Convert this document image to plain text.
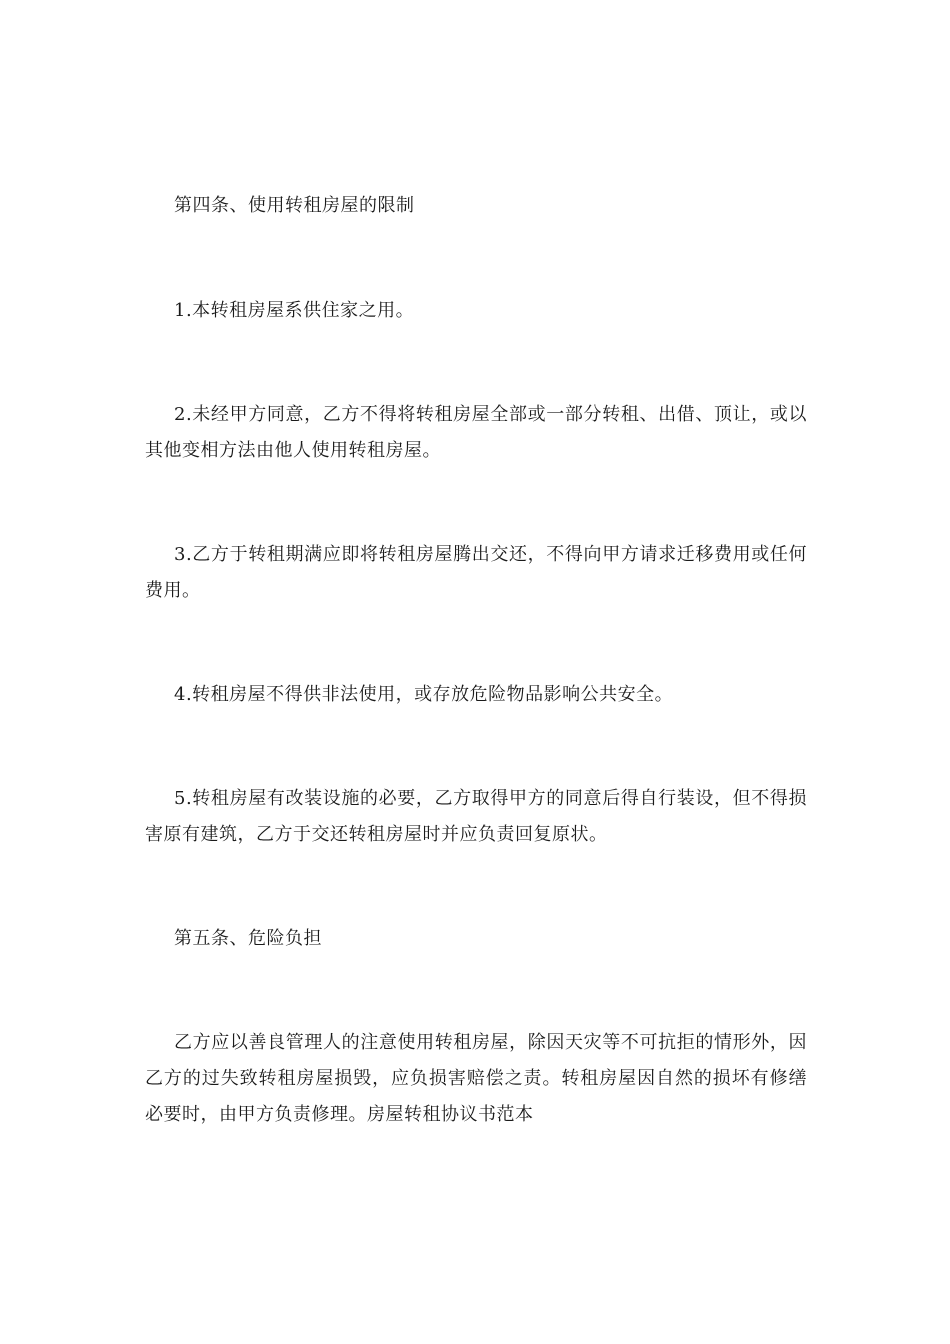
第四条、使用转租房屋的限制

1.本转租房屋系供住家之用。

2.未经甲方同意，乙方不得将转租房屋全部或一部分转租、出借、顶让，或以其他变相方法由他人使用转租房屋。

3.乙方于转租期满应即将转租房屋腾出交还，不得向甲方请求迁移费用或任何费用。

4.转租房屋不得供非法使用，或存放危险物品影响公共安全。

5.转租房屋有改装设施的必要，乙方取得甲方的同意后得自行装设，但不得损害原有建筑，乙方于交还转租房屋时并应负责回复原状。

第五条、危险负担

乙方应以善良管理人的注意使用转租房屋，除因天灾等不可抗拒的情形外，因乙方的过失致转租房屋损毁，应负损害赔偿之责。转租房屋因自然的损坏有修缮必要时，由甲方负责修理。房屋转租协议书范本
